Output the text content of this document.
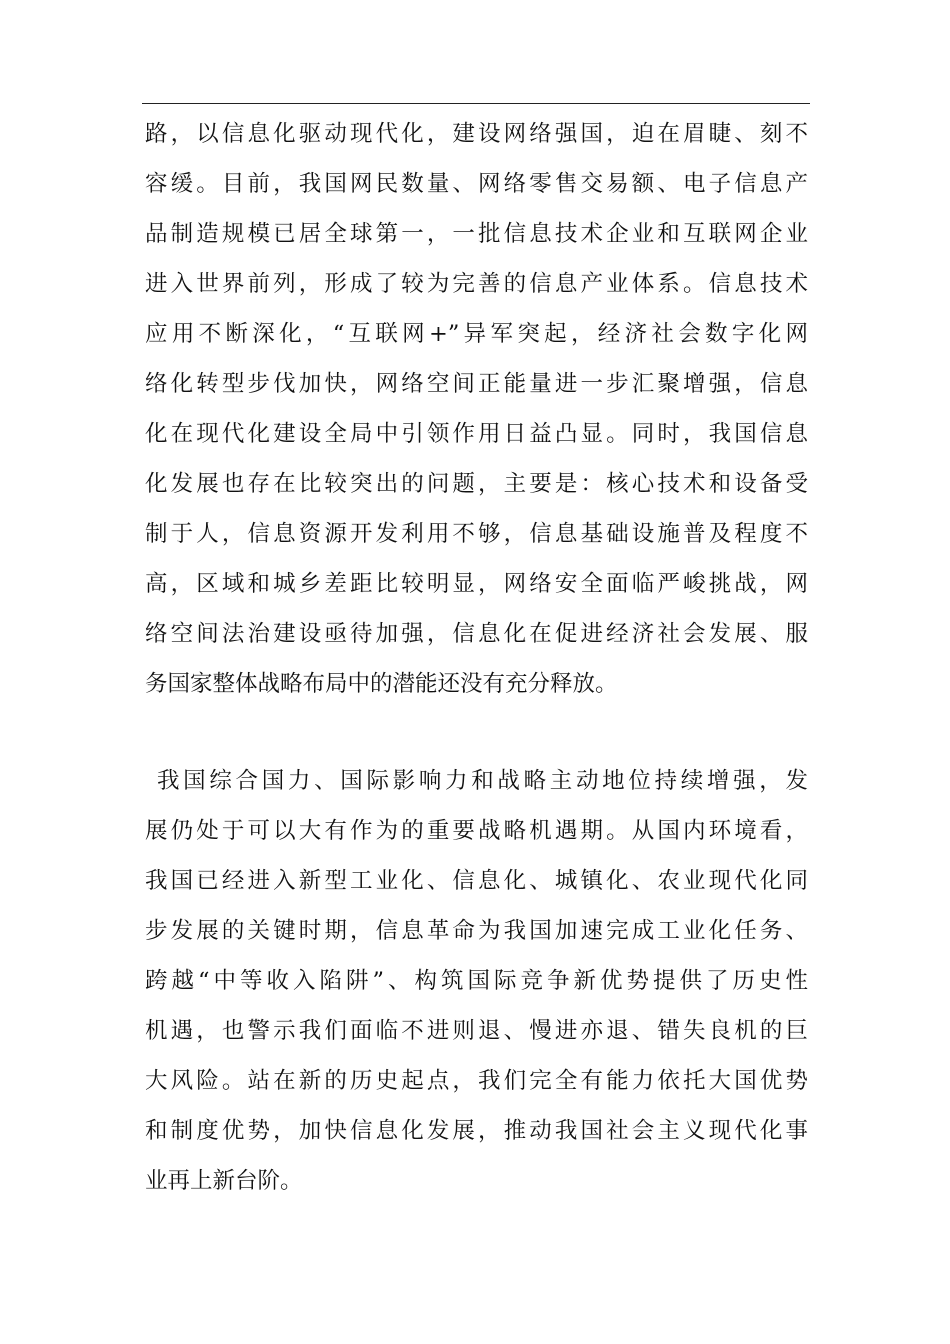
路，以信息化驱动现代化，建设网络强国，迫在眉睫、刻不
容缓。目前，我国网民数量、网络零售交易额、电子信息产
品制造规模已居全球第一，一批信息技术企业和互联网企业
进入世界前列，形成了较为完善的信息产业体系。信息技术
应用不断深化，“互联网+”异军突起，经济社会数字化网
络化转型步伐加快，网络空间正能量进一步汇聚增强，信息
化在现代化建设全局中引领作用日益凸显。同时，我国信息
化发展也存在比较突出的问题，主要是：核心技术和设备受
制于人，信息资源开发利用不够，信息基础设施普及程度不
高，区域和城乡差距比较明显，网络安全面临严峻挑战，网
络空间法治建设亟待加强，信息化在促进经济社会发展、服
务国家整体战略布局中的潜能还没有充分释放。
我国综合国力、国际影响力和战略主动地位持续增强，发
展仍处于可以大有作为的重要战略机遇期。从国内环境看，
我国已经进入新型工业化、信息化、城镇化、农业现代化同
步发展的关键时期，信息革命为我国加速完成工业化任务、
跨越“中等收入陷阱”、构筑国际竞争新优势提供了历史性
机遇，也警示我们面临不进则退、慢进亦退、错失良机的巨
大风险。站在新的历史起点，我们完全有能力依托大国优势
和制度优势，加快信息化发展，推动我国社会主义现代化事
业再上新台阶。
